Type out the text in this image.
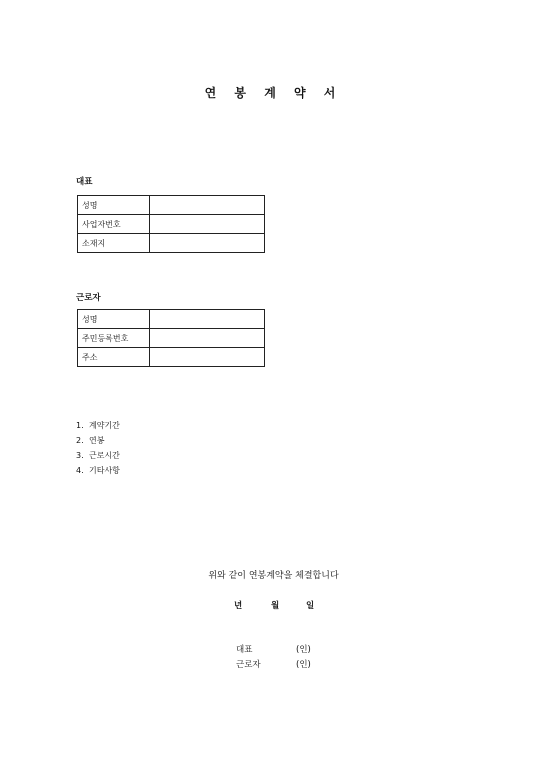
연 봉 계 약 서
대표
성명	
사업자번호	
소재지	
근로자
성명	
주민등록번호	
주소	
1. 계약기간
2. 연봉
3. 근로시간
4. 기타사항
위와 같이 연봉계약을 체결합니다
년	월	일
대표	(인)
근로자	(인)
